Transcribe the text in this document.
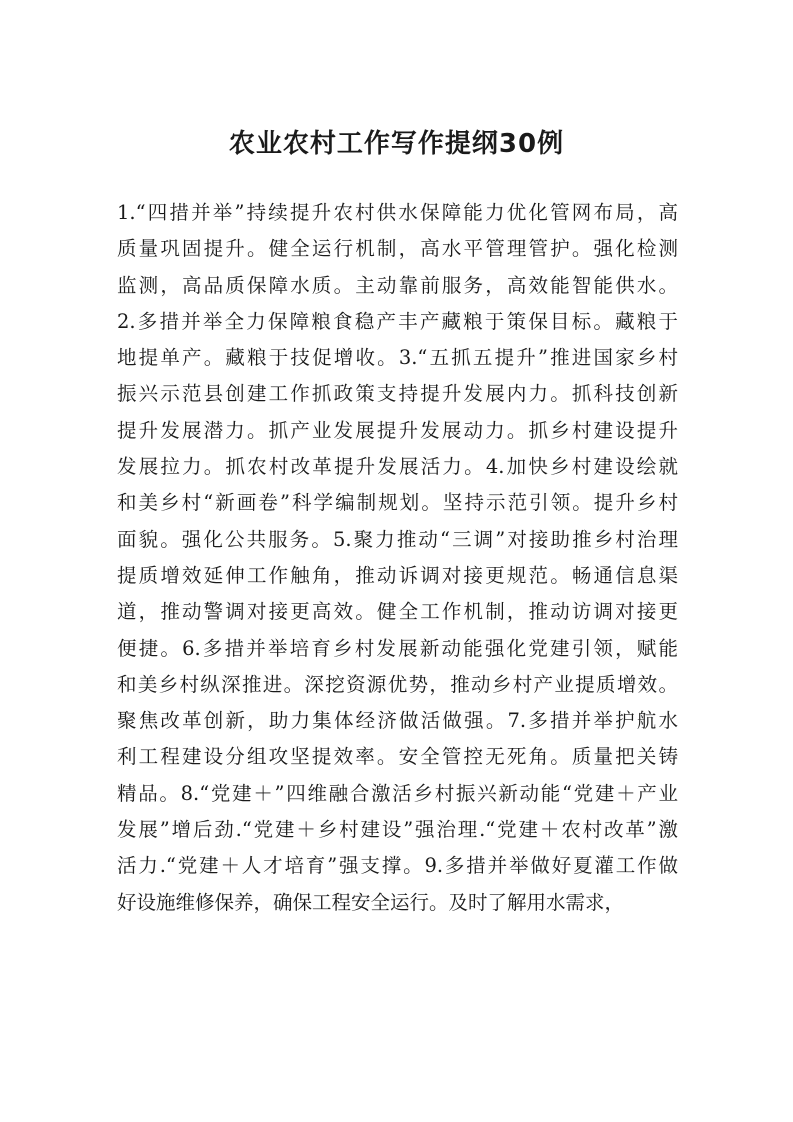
农业农村工作写作提纲30例
1.“四措并举”持续提升农村供水保障能力优化管网布局，高
质量巩固提升。健全运行机制，高水平管理管护。强化检测
监测，高品质保障水质。主动靠前服务，高效能智能供水。
2.多措并举全力保障粮食稳产丰产藏粮于策保目标。藏粮于
地提单产。藏粮于技促增收。3.“五抓五提升”推进国家乡村
振兴示范县创建工作抓政策支持提升发展内力。抓科技创新
提升发展潜力。抓产业发展提升发展动力。抓乡村建设提升
发展拉力。抓农村改革提升发展活力。4.加快乡村建设绘就
和美乡村“新画卷”科学编制规划。坚持示范引领。提升乡村
面貌。强化公共服务。5.聚力推动“三调”对接助推乡村治理
提质增效延伸工作触角，推动诉调对接更规范。畅通信息渠
道，推动警调对接更高效。健全工作机制，推动访调对接更
便捷。6.多措并举培育乡村发展新动能强化党建引领，赋能
和美乡村纵深推进。深挖资源优势，推动乡村产业提质增效。
聚焦改革创新，助力集体经济做活做强。7.多措并举护航水
利工程建设分组攻坚提效率。安全管控无死角。质量把关铸
精品。8.“党建＋”四维融合激活乡村振兴新动能“党建＋产业
发展”增后劲.“党建＋乡村建设”强治理.“党建＋农村改革”激
活力.“党建＋人才培育”强支撑。9.多措并举做好夏灌工作做
好设施维修保养，确保工程安全运行。及时了解用水需求，
